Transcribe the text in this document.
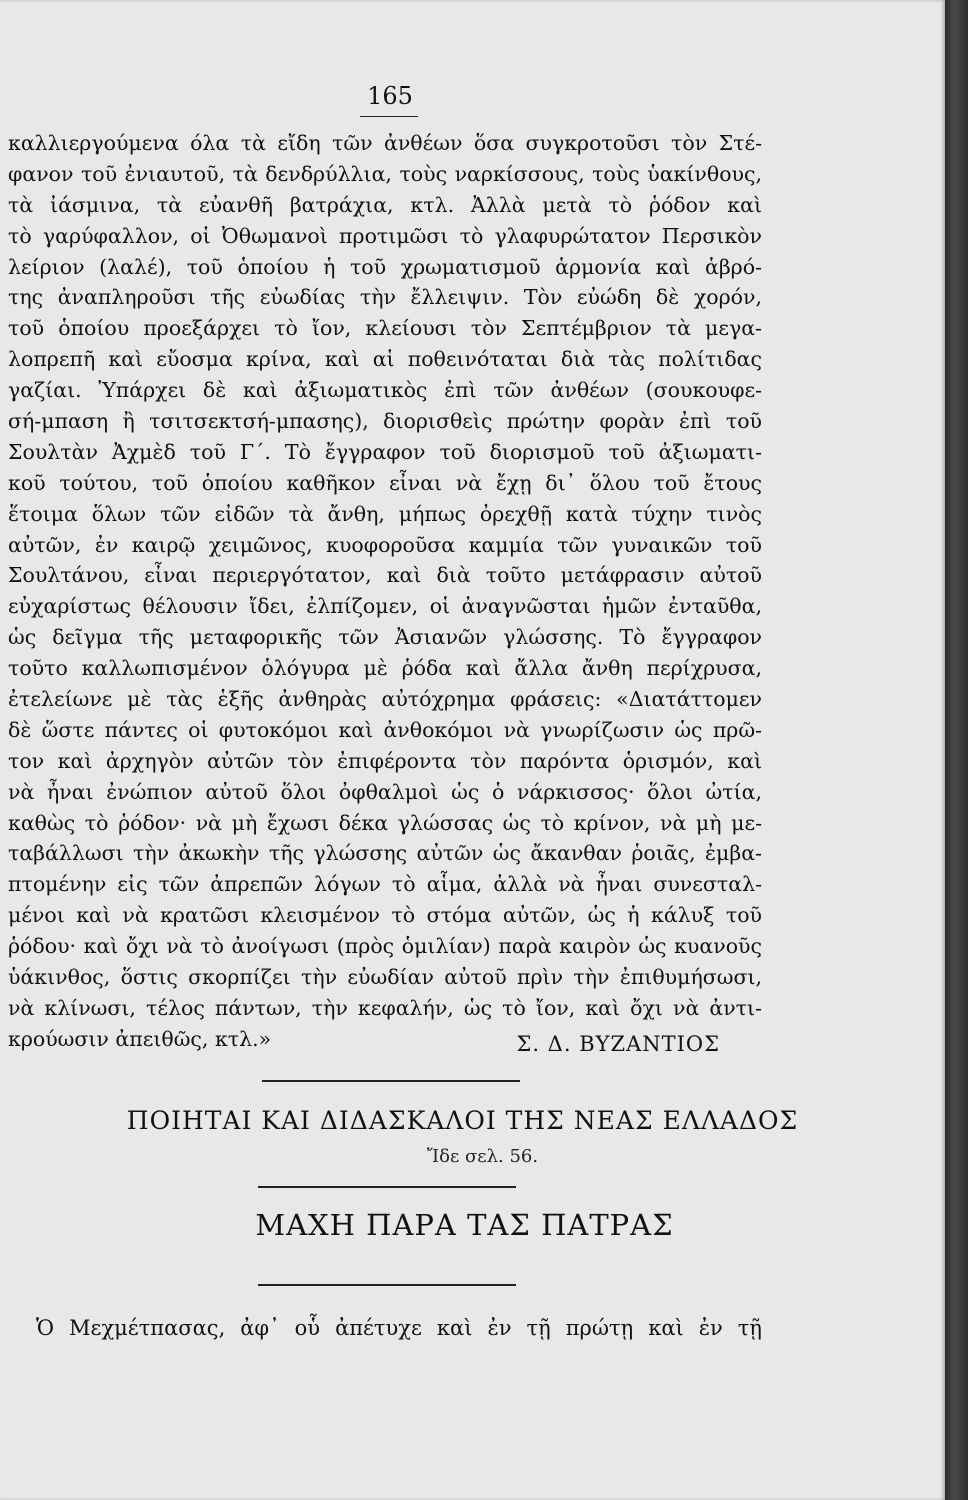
165
καλλιεργούμενα όλα τὰ εἴδη τῶν ἀνθέων ὅσα συγκροτοῦσι τὸν Στέ-
φανον τοῦ ἐνιαυτοῦ, τὰ δενδρύλλια, τοὺς ναρκίσσους, τοὺς ὑακίνθους,
τὰ ἰάσμινα, τὰ εὐανθῆ βατράχια, κτλ. Ἀλλὰ μετὰ τὸ ῥόδον καὶ
τὸ γαρύφαλλον, οἱ Ὀθωμανοὶ προτιμῶσι τὸ γλαφυρώτατον Περσικὸν
λείριον (λαλέ), τοῦ ὁποίου ἡ τοῦ χρωματισμοῦ ἁρμονία καὶ ἁβρό-
της ἀναπληροῦσι τῆς εὐωδίας τὴν ἔλλειψιν. Τὸν εὐώδη δὲ χορόν,
τοῦ ὁποίου προεξάρχει τὸ ἴον, κλείουσι τὸν Σεπτέμβριον τὰ μεγα-
λοπρεπῆ καὶ εὔοσμα κρίνα, καὶ αἱ ποθεινόταται διὰ τὰς πολίτιδας
γαζίαι. Ὑπάρχει δὲ καὶ ἀξιωματικὸς ἐπὶ τῶν ἀνθέων (σουκουφε-
σή-μπαση ἢ τσιτσεκτσή-μπασης), διορισθεὶς πρώτην φορὰν ἐπὶ τοῦ
Σουλτὰν Ἀχμὲδ τοῦ Γ΄. Τὸ ἔγγραφον τοῦ διορισμοῦ τοῦ ἀξιωματι-
κοῦ τούτου, τοῦ ὁποίου καθῆκον εἶναι νὰ ἔχῃ δι᾽ ὅλου τοῦ ἔτους
ἕτοιμα ὅλων τῶν εἰδῶν τὰ ἄνθη, μήπως ὀρεχθῇ κατὰ τύχην τινὸς
αὐτῶν, ἐν καιρῷ χειμῶνος, κυοφοροῦσα καμμία τῶν γυναικῶν τοῦ
Σουλτάνου, εἶναι περιεργότατον, καὶ διὰ τοῦτο μετάφρασιν αὐτοῦ
εὐχαρίστως θέλουσιν ἴδει, ἐλπίζομεν, οἱ ἀναγνῶσται ἡμῶν ἐνταῦθα,
ὡς δεῖγμα τῆς μεταφορικῆς τῶν Ἀσιανῶν γλώσσης. Τὸ ἔγγραφον
τοῦτο καλλωπισμένον ὁλόγυρα μὲ ῥόδα καὶ ἄλλα ἄνθη περίχρυσα,
ἐτελείωνε μὲ τὰς ἑξῆς ἀνθηρὰς αὐτόχρημα φράσεις: «Διατάττομεν
δὲ ὥστε πάντες οἱ φυτοκόμοι καὶ ἀνθοκόμοι νὰ γνωρίζωσιν ὡς πρῶ-
τον καὶ ἀρχηγὸν αὐτῶν τὸν ἐπιφέροντα τὸν παρόντα ὁρισμόν, καὶ
νὰ ἦναι ἐνώπιον αὐτοῦ ὅλοι ὀφθαλμοὶ ὡς ὁ νάρκισσος· ὅλοι ὠτία,
καθὼς τὸ ῥόδον· νὰ μὴ ἔχωσι δέκα γλώσσας ὡς τὸ κρίνον, νὰ μὴ με-
ταβάλλωσι τὴν ἀκωκὴν τῆς γλώσσης αὐτῶν ὡς ἄκανθαν ῥοιᾶς, ἐμβα-
πτομένην εἰς τῶν ἀπρεπῶν λόγων τὸ αἷμα, ἀλλὰ νὰ ἦναι συνεσταλ-
μένοι καὶ νὰ κρατῶσι κλεισμένον τὸ στόμα αὐτῶν, ὡς ἡ κάλυξ τοῦ
ῥόδου· καὶ ὄχι νὰ τὸ ἀνοίγωσι (πρὸς ὁμιλίαν) παρὰ καιρὸν ὡς κυανοῦς
ὑάκινθος, ὅστις σκορπίζει τὴν εὐωδίαν αὐτοῦ πρὶν τὴν ἐπιθυμήσωσι,
νὰ κλίνωσι, τέλος πάντων, τὴν κεφαλήν, ὡς τὸ ἴον, καὶ ὄχι νὰ ἀντι-
κρούωσιν ἀπειθῶς, κτλ.»	Σ. Δ. ΒΥΖΑΝΤΙΟΣ
ΠΟΙΗΤΑΙ ΚΑΙ ΔΙΔΑΣΚΑΛΟΙ ΤΗΣ ΝΕΑΣ ΕΛΛΑΔΟΣ
Ἴδε σελ. 56.
ΜΑΧΗ ΠΑΡΑ ΤΑΣ ΠΑΤΡΑΣ
Ὁ Μεχμέτπασας, ἀφ᾽ οὗ ἀπέτυχε καὶ ἐν τῇ πρώτῃ καὶ ἐν τῇ
